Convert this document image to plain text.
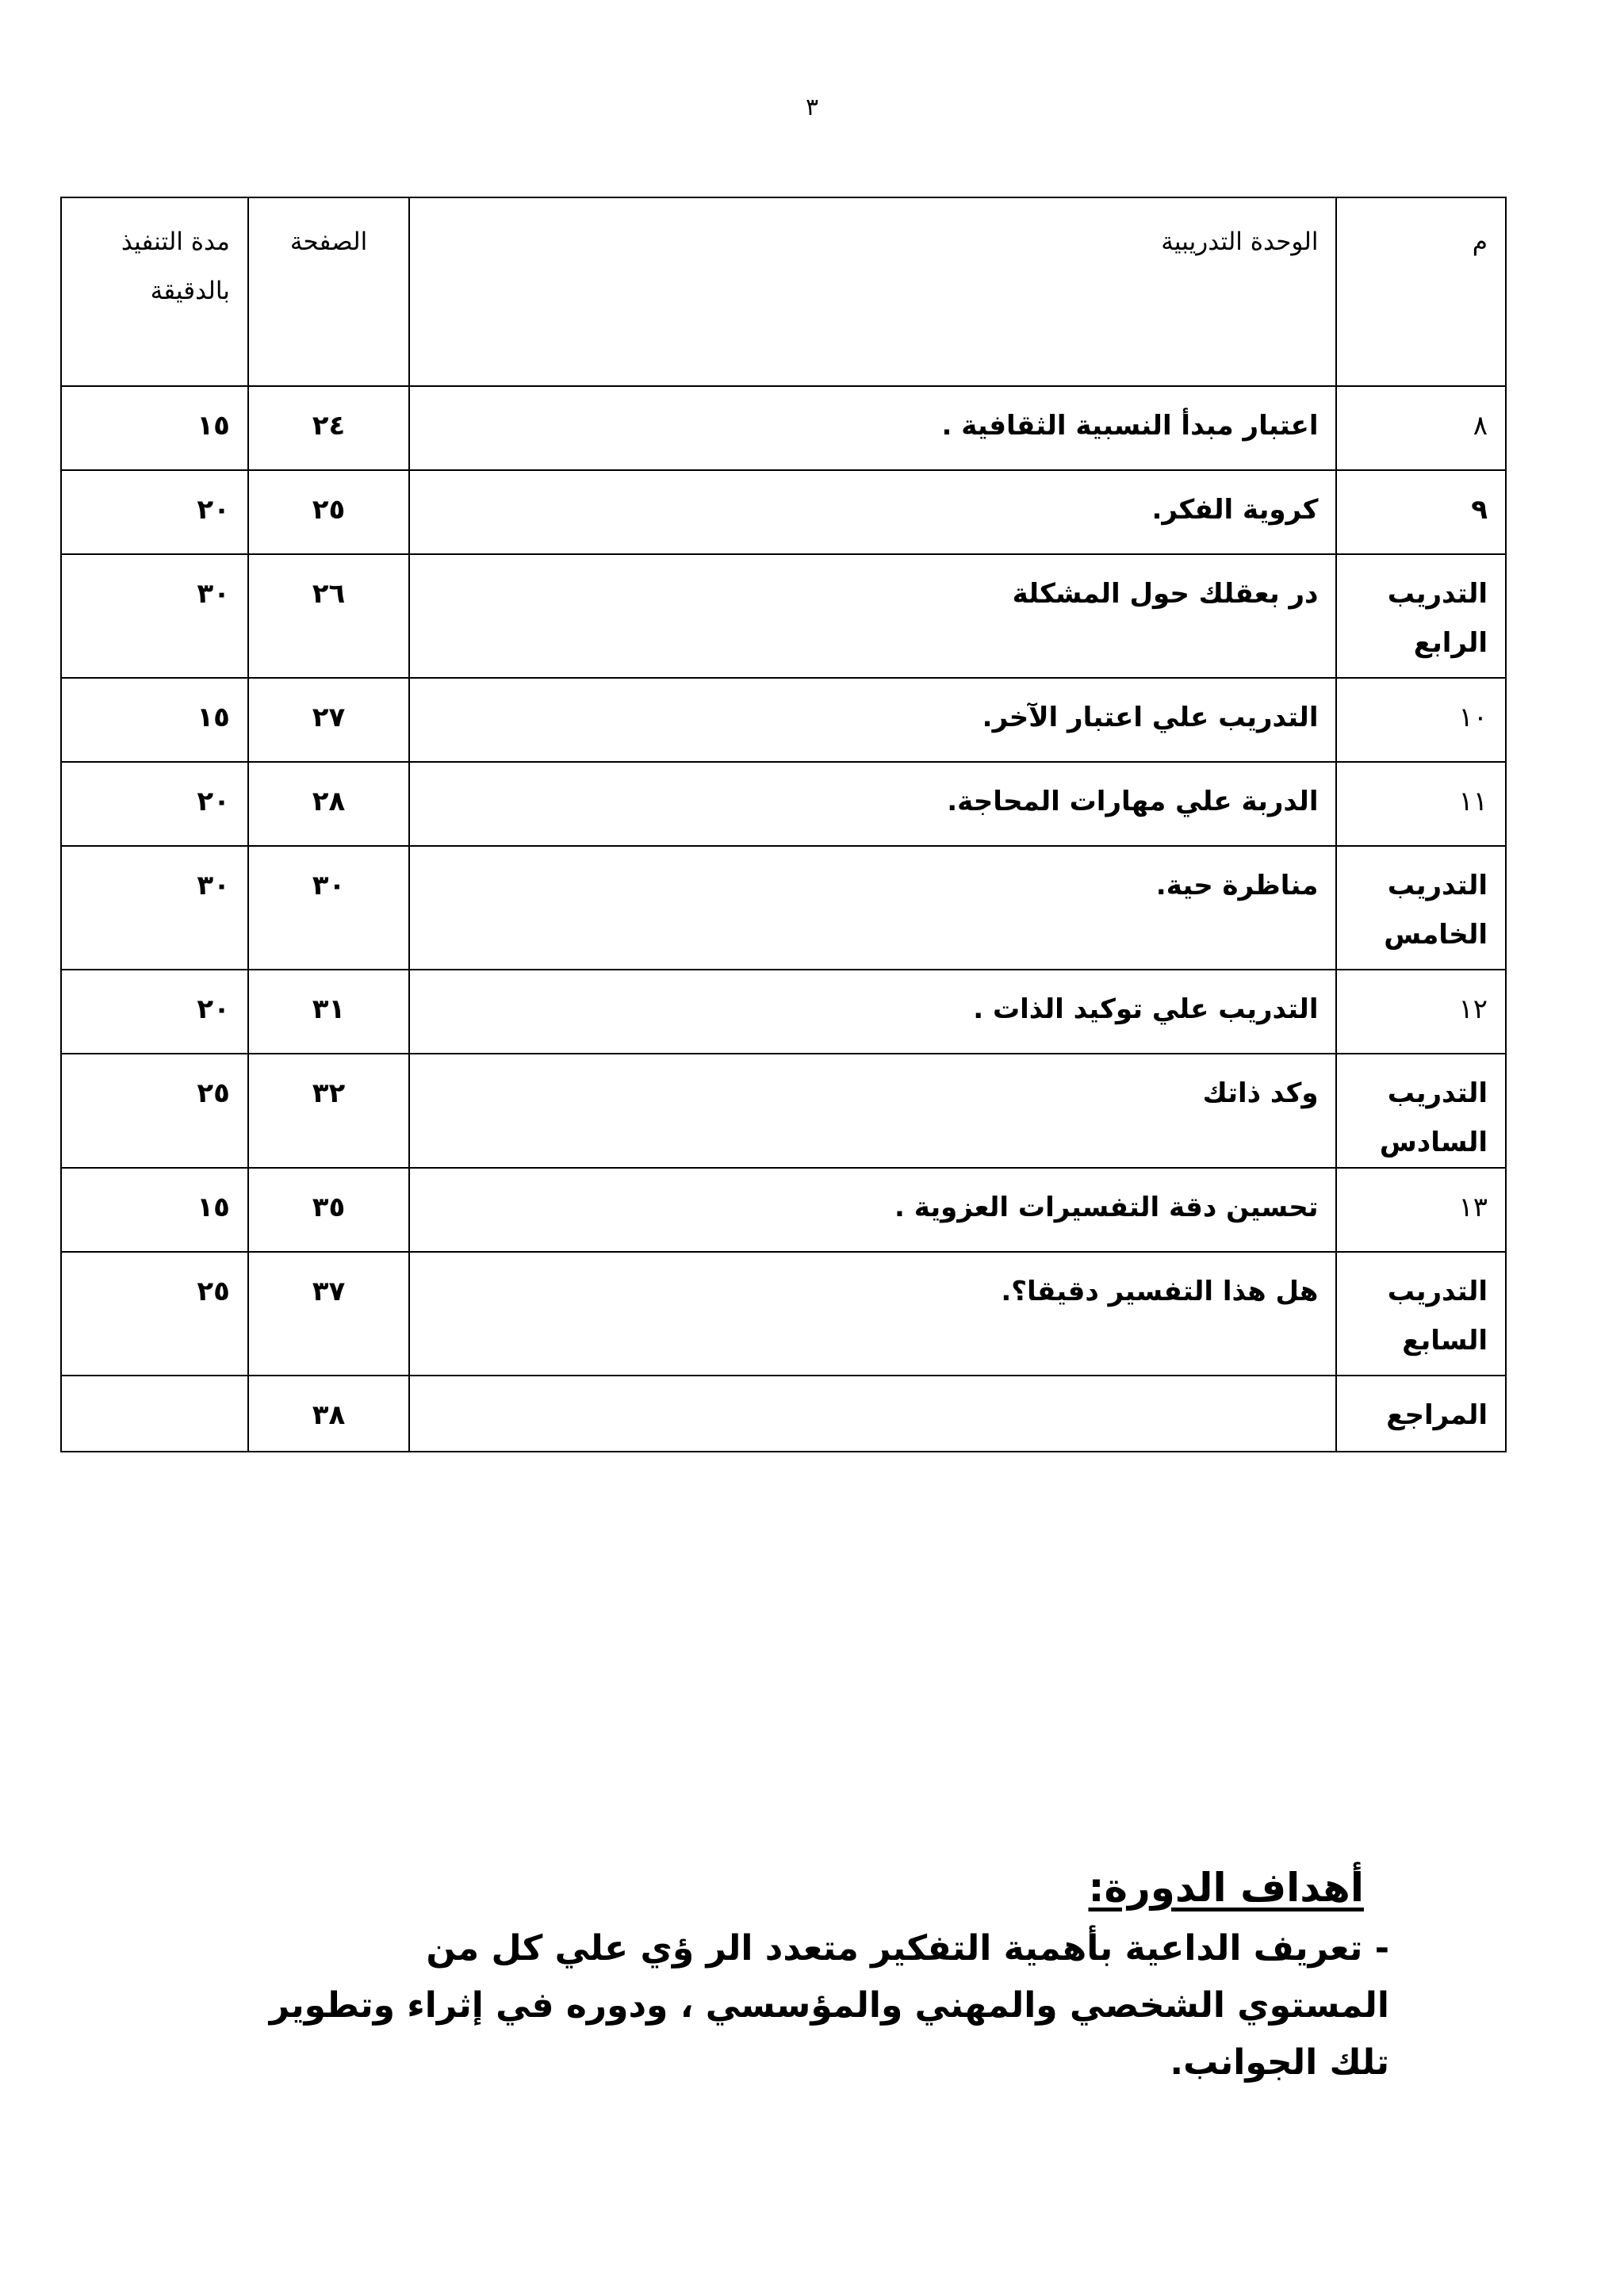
٣
م	الوحدة التدريبية	الصفحة	مدة التنفيذ بالدقيقة
٨	اعتبار مبدأ النسبية الثقافية .	٢٤	١٥
٩	كروية الفكر.	٢٥	٢٠
التدريب الرابع	در بعقلك حول المشكلة	٢٦	٣٠
١٠	التدريب علي اعتبار الآخر.	٢٧	١٥
١١	الدربة علي مهارات المحاجة.	٢٨	٢٠
التدريب الخامس	مناظرة حية.	٣٠	٣٠
١٢	التدريب علي توكيد الذات .	٣١	٢٠
التدريب السادس	وكد ذاتك	٣٢	٢٥
١٣	تحسين دقة التفسيرات العزوية .	٣٥	١٥
التدريب السابع	هل هذا التفسير دقيقا؟.	٣٧	٢٥
المراجع		٣٨	
أهداف الدورة:
- تعريف الداعية بأهمية التفكير متعدد الر ؤي علي كل من المستوي الشخصي والمهني والمؤسسي ، ودوره في إثراء وتطوير تلك الجوانب.
